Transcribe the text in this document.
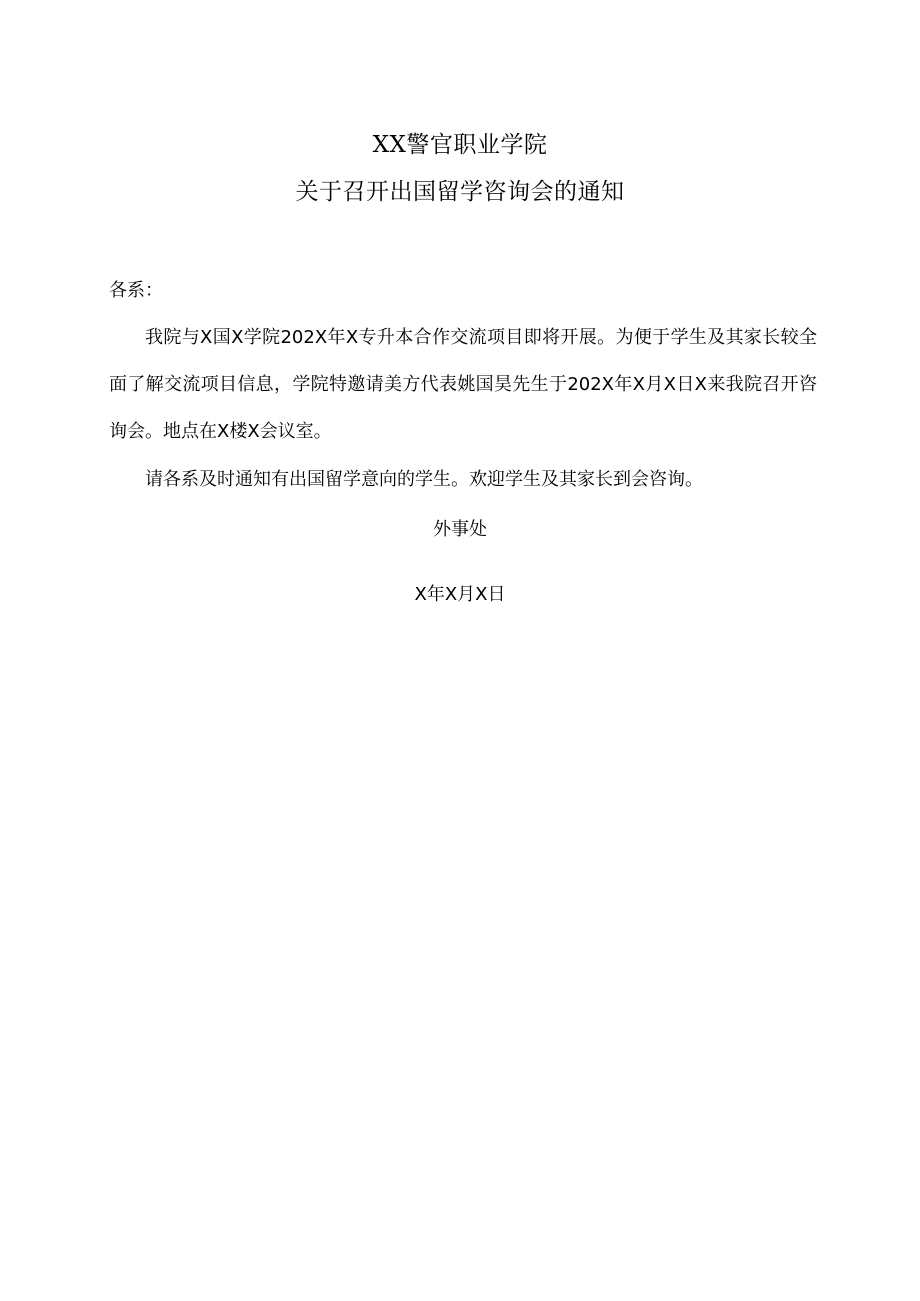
XX警官职业学院
关于召开出国留学咨询会的通知
各系：
我院与X国X学院202X年X专升本合作交流项目即将开展。为便于学生及其家长较全面了解交流项目信息，学院特邀请美方代表姚国昊先生于202X年X月X日X来我院召开咨询会。地点在X楼X会议室。
请各系及时通知有出国留学意向的学生。欢迎学生及其家长到会咨询。
外事处
X年X月X日
